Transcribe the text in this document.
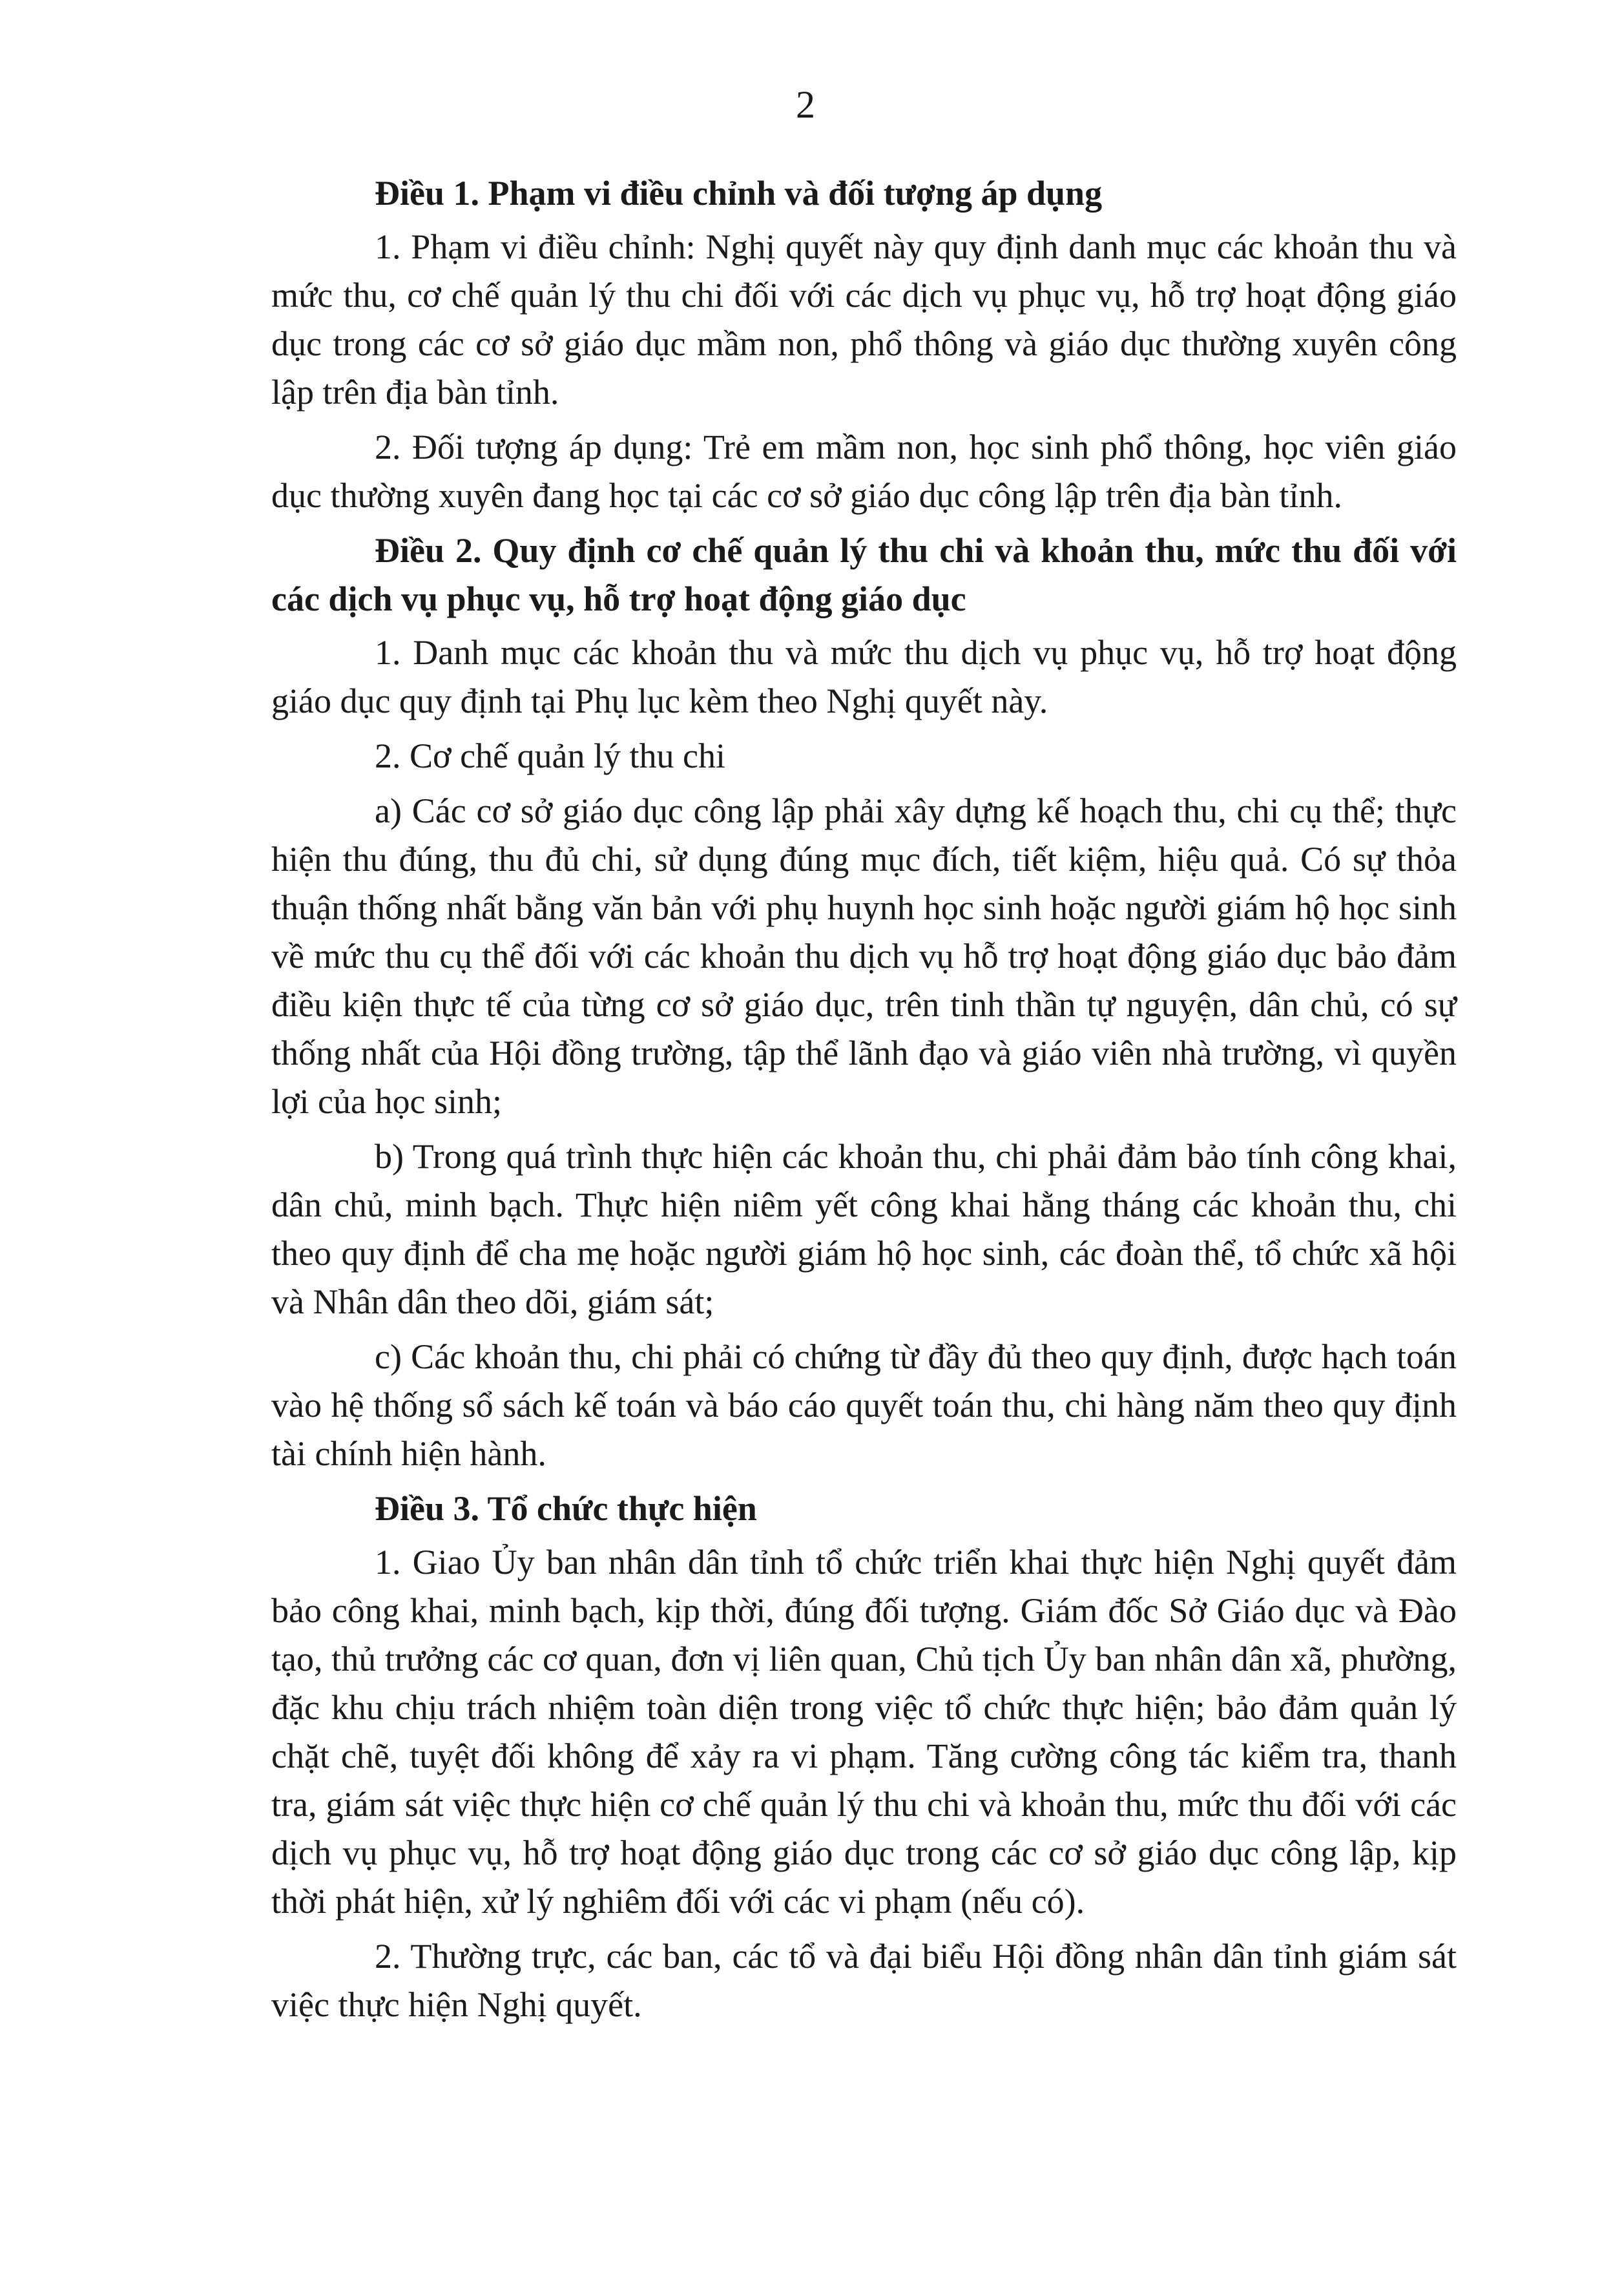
2

Điều 1. Phạm vi điều chỉnh và đối tượng áp dụng

1. Phạm vi điều chỉnh: Nghị quyết này quy định danh mục các khoản thu và mức thu, cơ chế quản lý thu chi đối với các dịch vụ phục vụ, hỗ trợ hoạt động giáo dục trong các cơ sở giáo dục mầm non, phổ thông và giáo dục thường xuyên công lập trên địa bàn tỉnh.

2. Đối tượng áp dụng: Trẻ em mầm non, học sinh phổ thông, học viên giáo dục thường xuyên đang học tại các cơ sở giáo dục công lập trên địa bàn tỉnh.

Điều 2. Quy định cơ chế quản lý thu chi và khoản thu, mức thu đối với các dịch vụ phục vụ, hỗ trợ hoạt động giáo dục

1. Danh mục các khoản thu và mức thu dịch vụ phục vụ, hỗ trợ hoạt động giáo dục quy định tại Phụ lục kèm theo Nghị quyết này.

2. Cơ chế quản lý thu chi

a) Các cơ sở giáo dục công lập phải xây dựng kế hoạch thu, chi cụ thể; thực hiện thu đúng, thu đủ chi, sử dụng đúng mục đích, tiết kiệm, hiệu quả. Có sự thỏa thuận thống nhất bằng văn bản với phụ huynh học sinh hoặc người giám hộ học sinh về mức thu cụ thể đối với các khoản thu dịch vụ hỗ trợ hoạt động giáo dục bảo đảm điều kiện thực tế của từng cơ sở giáo dục, trên tinh thần tự nguyện, dân chủ, có sự thống nhất của Hội đồng trường, tập thể lãnh đạo và giáo viên nhà trường, vì quyền lợi của học sinh;

b) Trong quá trình thực hiện các khoản thu, chi phải đảm bảo tính công khai, dân chủ, minh bạch. Thực hiện niêm yết công khai hằng tháng các khoản thu, chi theo quy định để cha mẹ hoặc người giám hộ học sinh, các đoàn thể, tổ chức xã hội và Nhân dân theo dõi, giám sát;

c) Các khoản thu, chi phải có chứng từ đầy đủ theo quy định, được hạch toán vào hệ thống sổ sách kế toán và báo cáo quyết toán thu, chi hàng năm theo quy định tài chính hiện hành.

Điều 3. Tổ chức thực hiện

1. Giao Ủy ban nhân dân tỉnh tổ chức triển khai thực hiện Nghị quyết đảm bảo công khai, minh bạch, kịp thời, đúng đối tượng. Giám đốc Sở Giáo dục và Đào tạo, thủ trưởng các cơ quan, đơn vị liên quan, Chủ tịch Ủy ban nhân dân xã, phường, đặc khu chịu trách nhiệm toàn diện trong việc tổ chức thực hiện; bảo đảm quản lý chặt chẽ, tuyệt đối không để xảy ra vi phạm. Tăng cường công tác kiểm tra, thanh tra, giám sát việc thực hiện cơ chế quản lý thu chi và khoản thu, mức thu đối với các dịch vụ phục vụ, hỗ trợ hoạt động giáo dục trong các cơ sở giáo dục công lập, kịp thời phát hiện, xử lý nghiêm đối với các vi phạm (nếu có).

2. Thường trực, các ban, các tổ và đại biểu Hội đồng nhân dân tỉnh giám sát việc thực hiện Nghị quyết.
